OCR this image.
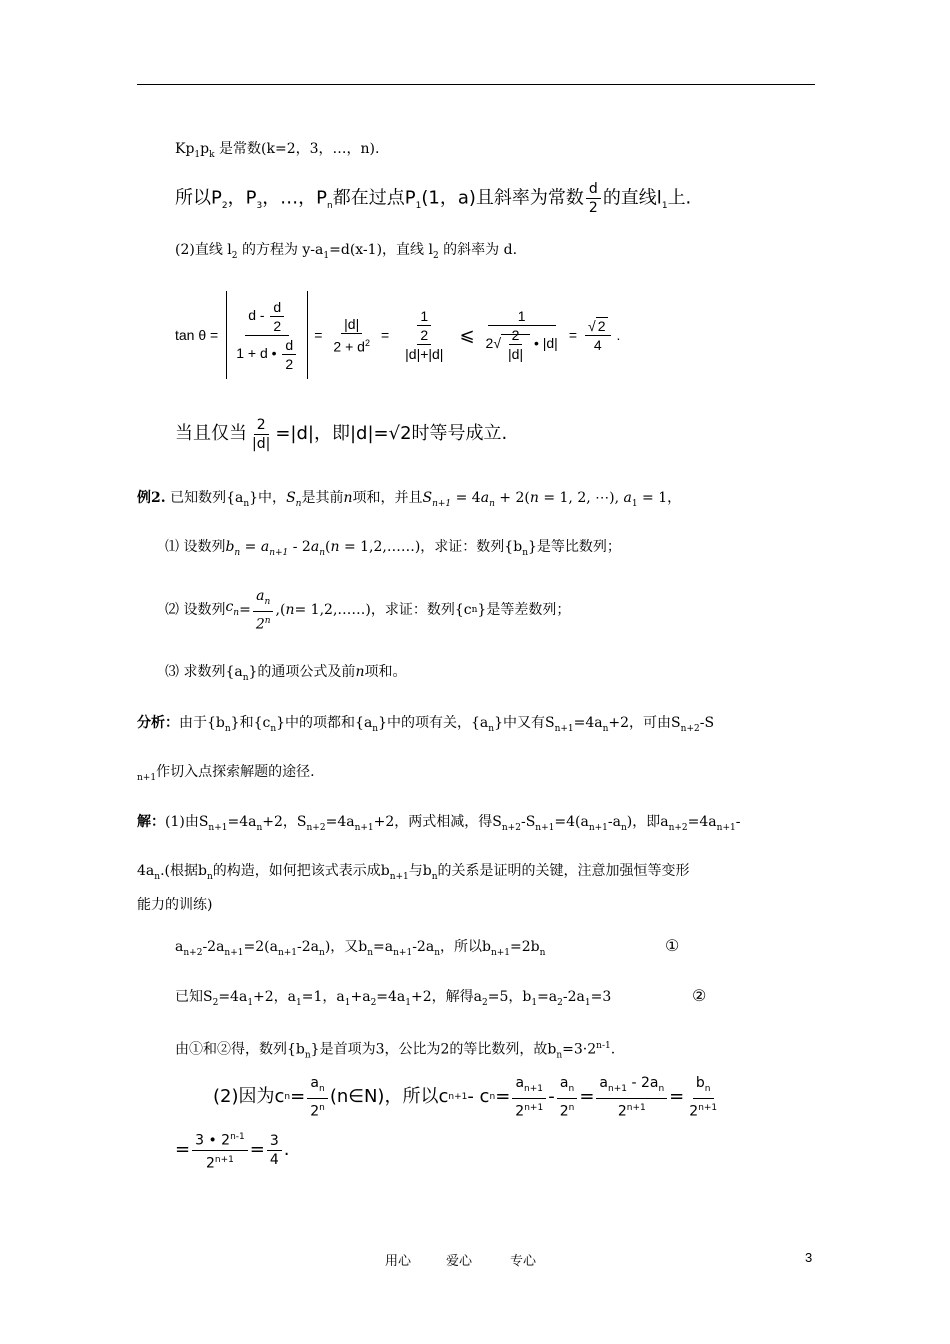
$Kp_1p_k$ 是常数(k=2，3，…，n).
所以$P_2$，$P_3$，…，$P_n$都在过点$P_1(1$，a)且斜率为常数 $\frac{d}{2}$ 的直线$l_1$上.
(2)直线 $l_2$ 的方程为 $y-a_1=d(x-1)$，直线 $l_2$ 的斜率为 d.
$\tan \theta = \frac{d - \frac{d}{2}}{1 + d • \frac{d}{2}} = \frac{|d|}{2 + d^2} = \frac{1}{\frac{2}{|d|+|d|}}$ ⩽ $\frac{1}{2√ \frac{2}{|d|} • |d|} = \frac{√ 2}{4}$ .
当且仅当 $\frac{2}{|d|} =|d|$，即|d|=√2时等号成立.
例2. 已知数列$\{a_n\}$中，$S_n$是其前n项和，并且$S_{n+1} = 4a_n + 2(n = 1$, 2, ⋯), $a_1 = 1$，
⑴ 设数列$b_n = a_{n+1} - 2a_n(n$ = 1,2,……)，求证：数列$\{b_n\}$是等比数列；
⑵ 设数列 $c_n = \frac{a_n}{2^n}$ ,( n = 1,2,……)，求证：数列{c n }是等差数列；
⑶ 求数列$\{a_n\}$的通项公式及前n项和。
分析：由于$\{b_n\}$和$\{c_n\}$中的项都和$\{a_n\}$中的项有关，$\{a_n\}$中又有$S_{n+1}=4a_n+2$，可由$S_{n+2}-S$
$_{n+1}$作切入点探索解题的途径.
解：(1)由$S_{n+1}=4a_n+2$，$S_{n+2}=4a_{n+1}+2$，两式相减，得$S_{n+2}-S_{n+1}=4(a_{n+1}-a_n)$，即$a_{n+2}=4a_{n+1}-$
$4a_n$.(根据$b_n$的构造，如何把该式表示成$b_{n+1}$与$b_n$的关系是证明的关键，注意加强恒等变形
能力的训练)
$a_{n+2}-2a_{n+1}=2(a_{n+1}-2a_n)$，又$b_n=a_{n+1}-2a_n$，所以$b_{n+1}=2b_n$	①
已知$S_2=4a_1+2$，$a_1=1$，$a_1+a_2=4a_1+2$，解得$a_2=5$，$b_1=a_2-2a_1=3$	②
由①和②得，数列$\{b_n\}$是首项为3，公比为2的等比数列，故$b_n=3\cdot 2^{n-1}$.
(2)因为c $n = \frac{a_n}{2^n}$ (n∈N)，所以c n+1 - c $n = \frac{a_{n+1}}{2^{n+1}} - \frac{a_n}{2^n} = \frac{a_{n+1} - 2a_n}{2^{n+1}} = \frac{b_n}{2^{n+1}}$
= $\frac{3 • 2^{n-1}}{2^{n+1}} = \frac{3}{4}$ .
用心	爱心	专心	3
